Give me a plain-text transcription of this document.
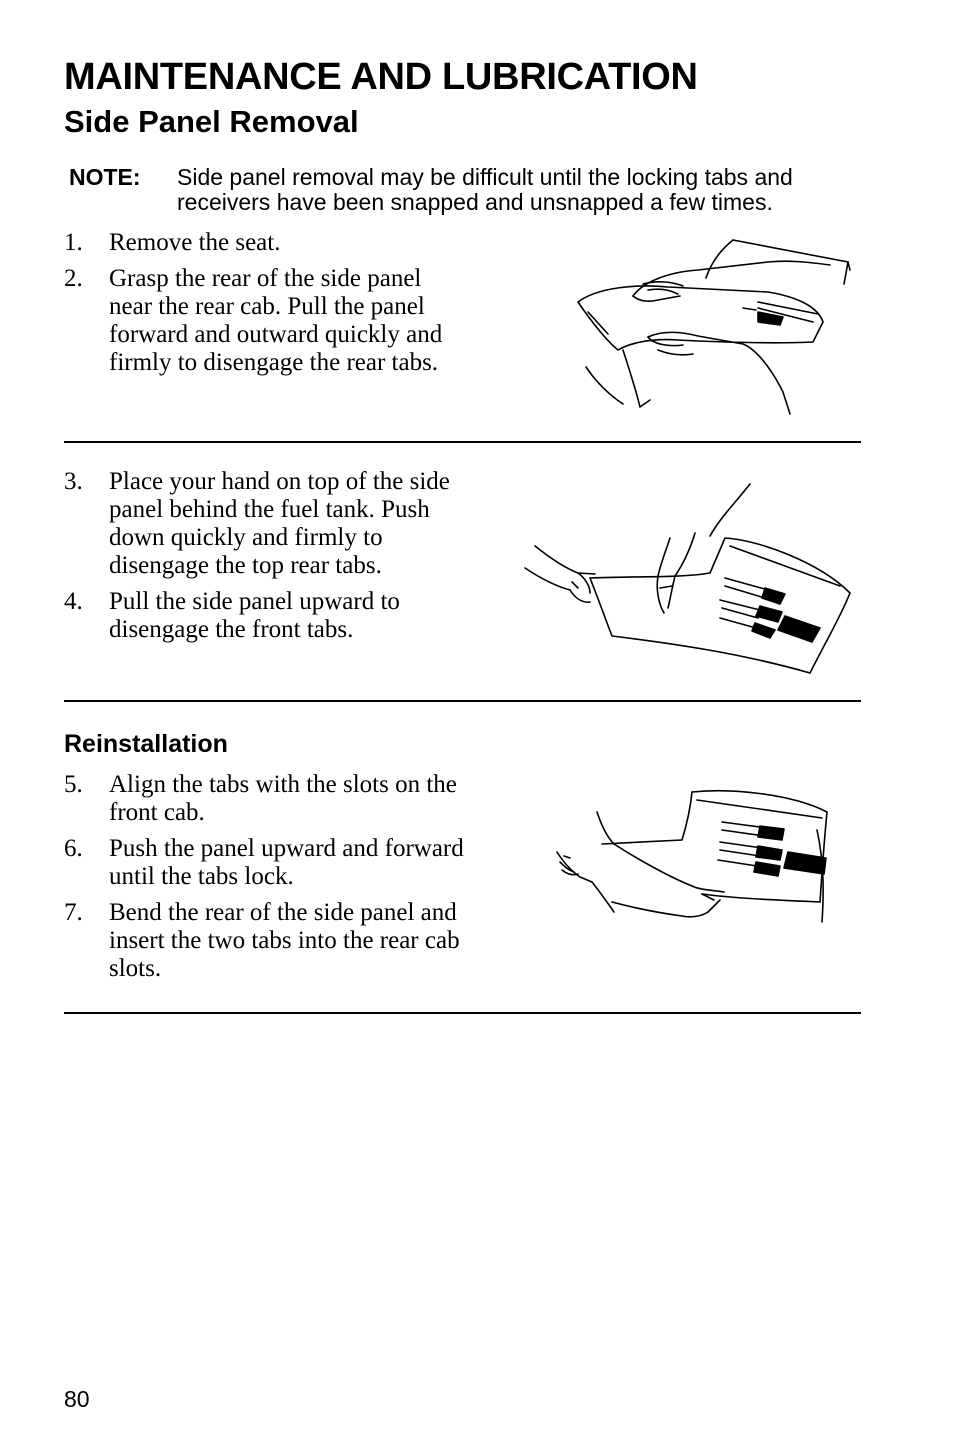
MAINTENANCE AND LUBRICATION
Side Panel Removal
NOTE: Side panel removal may be difficult until the locking tabs and receivers have been snapped and unsnapped a few times.
1. Remove the seat.
2. Grasp the rear of the side panel near the rear cab. Pull the panel forward and outward quickly and firmly to disengage the rear tabs.
3. Place your hand on top of the side panel behind the fuel tank. Push down quickly and firmly to disengage the top rear tabs.
4. Pull the side panel upward to disengage the front tabs.
Reinstallation
5. Align the tabs with the slots on the front cab.
6. Push the panel upward and forward until the tabs lock.
7. Bend the rear of the side panel and insert the two tabs into the rear cab slots.
80
